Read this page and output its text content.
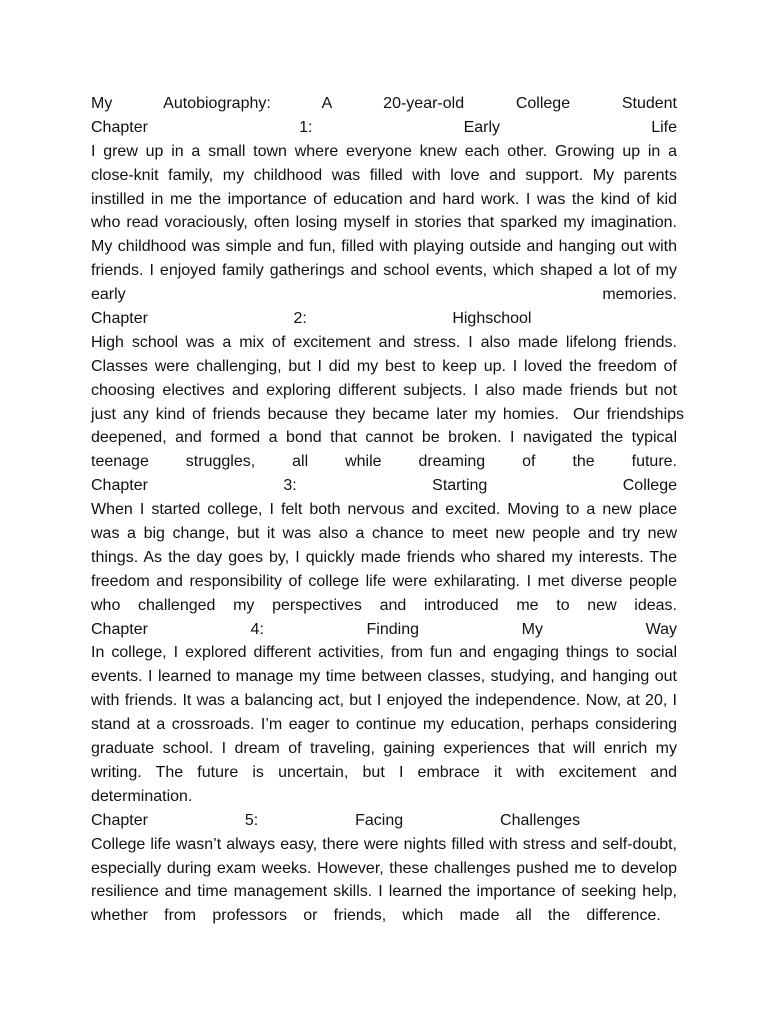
My Autobiography: A 20-year-old College Student
Chapter 1: Early Life
I grew up in a small town where everyone knew each other. Growing up in a
close-knit family, my childhood was filled with love and support. My parents
instilled in me the importance of education and hard work. I was the kind of kid
who read voraciously, often losing myself in stories that sparked my imagination.
My childhood was simple and fun, filled with playing outside and hanging out with
friends. I enjoyed family gatherings and school events, which shaped a lot of my
early memories.
Chapter 2: Highschool
High school was a mix of excitement and stress. I also made lifelong friends.
Classes were challenging, but I did my best to keep up. I loved the freedom of
choosing electives and exploring different subjects. I also made friends but not
just any kind of friends because they became later my homies.  Our friendships
deepened, and formed a bond that cannot be broken. I navigated the typical
teenage struggles, all while dreaming of the future.
Chapter 3: Starting College
When I started college, I felt both nervous and excited. Moving to a new place
was a big change, but it was also a chance to meet new people and try new
things. As the day goes by, I quickly made friends who shared my interests. The
freedom and responsibility of college life were exhilarating. I met diverse people
who challenged my perspectives and introduced me to new ideas.
Chapter 4: Finding My Way
In college, I explored different activities, from fun and engaging things to social
events. I learned to manage my time between classes, studying, and hanging out
with friends. It was a balancing act, but I enjoyed the independence. Now, at 20, I
stand at a crossroads. I’m eager to continue my education, perhaps considering
graduate school. I dream of traveling, gaining experiences that will enrich my
writing. The future is uncertain, but I embrace it with excitement and
determination.
Chapter 5: Facing Challenges
College life wasn’t always easy, there were nights filled with stress and self-doubt,
especially during exam weeks. However, these challenges pushed me to develop
resilience and time management skills. I learned the importance of seeking help,
whether from professors or friends, which made all the difference.
